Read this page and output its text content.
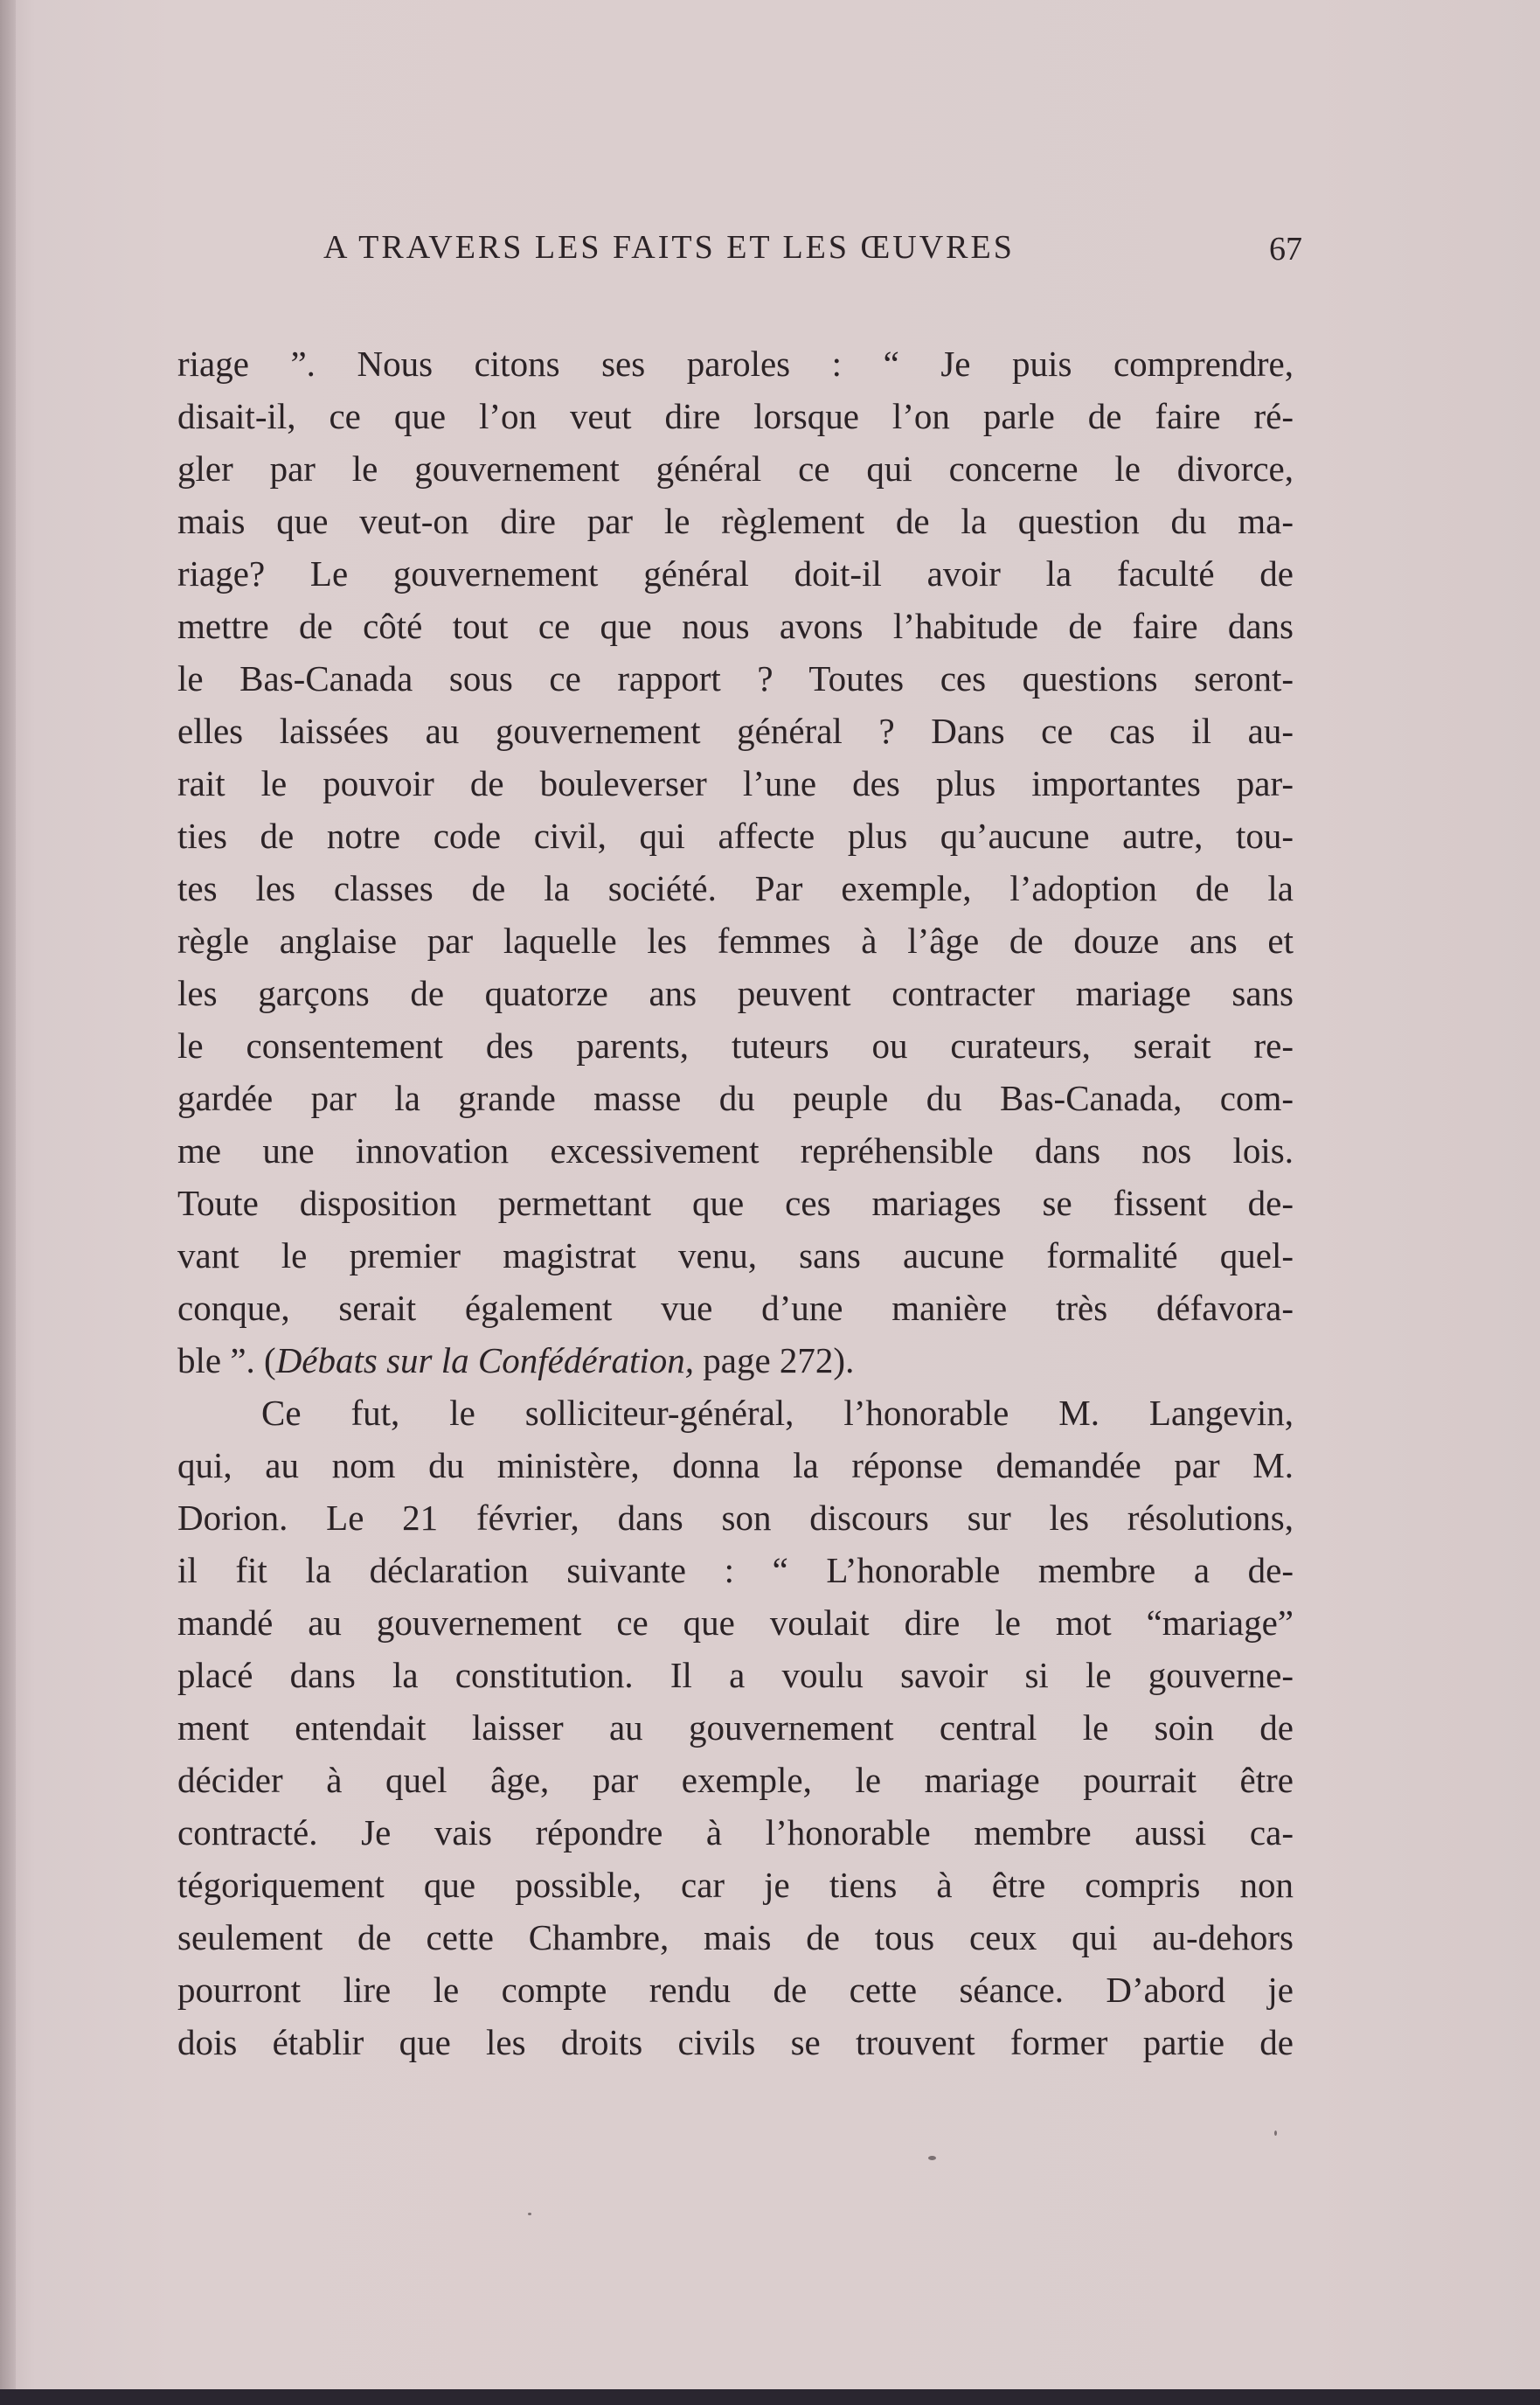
A TRAVERS LES FAITS ET LES ŒUVRES	67
riage ”. Nous citons ses paroles : “ Je puis comprendre,
disait-il, ce que l’on veut dire lorsque l’on parle de faire ré-
gler par le gouvernement général ce qui concerne le divorce,
mais que veut-on dire par le règlement de la question du ma-
riage? Le gouvernement général doit-il avoir la faculté de
mettre de côté tout ce que nous avons l’habitude de faire dans
le Bas-Canada sous ce rapport ? Toutes ces questions seront-
elles laissées au gouvernement général ? Dans ce cas il au-
rait le pouvoir de bouleverser l’une des plus importantes par-
ties de notre code civil, qui affecte plus qu’aucune autre, tou-
tes les classes de la société. Par exemple, l’adoption de la
règle anglaise par laquelle les femmes à l’âge de douze ans et
les garçons de quatorze ans peuvent contracter mariage sans
le consentement des parents, tuteurs ou curateurs, serait re-
gardée par la grande masse du peuple du Bas-Canada, com-
me une innovation excessivement repréhensible dans nos lois.
Toute disposition permettant que ces mariages se fissent de-
vant le premier magistrat venu, sans aucune formalité quel-
conque, serait également vue d’une manière très défavora-
ble ”. (Débats sur la Confédération, page 272).
Ce fut, le solliciteur-général, l’honorable M. Langevin,
qui, au nom du ministère, donna la réponse demandée par M.
Dorion. Le 21 février, dans son discours sur les résolutions,
il fit la déclaration suivante : “ L’honorable membre a de-
mandé au gouvernement ce que voulait dire le mot “mariage”
placé dans la constitution. Il a voulu savoir si le gouverne-
ment entendait laisser au gouvernement central le soin de
décider à quel âge, par exemple, le mariage pourrait être
contracté. Je vais répondre à l’honorable membre aussi ca-
tégoriquement que possible, car je tiens à être compris non
seulement de cette Chambre, mais de tous ceux qui au-dehors
pourront lire le compte rendu de cette séance. D’abord je
dois établir que les droits civils se trouvent former partie de
